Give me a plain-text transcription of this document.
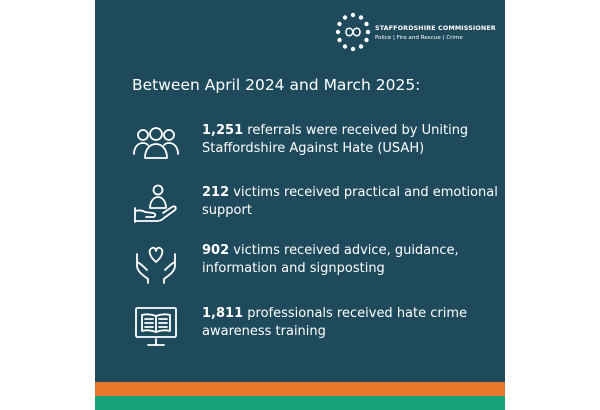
STAFFORDSHIRE COMMISSIONER
Police | Fire and Rescue | Crime
Between April 2024 and March 2025:
1,251 referrals were received by Uniting Staffordshire Against Hate (USAH)
212 victims received practical and emotional support
902 victims received advice, guidance, information and signposting
1,811 professionals received hate crime awareness training
